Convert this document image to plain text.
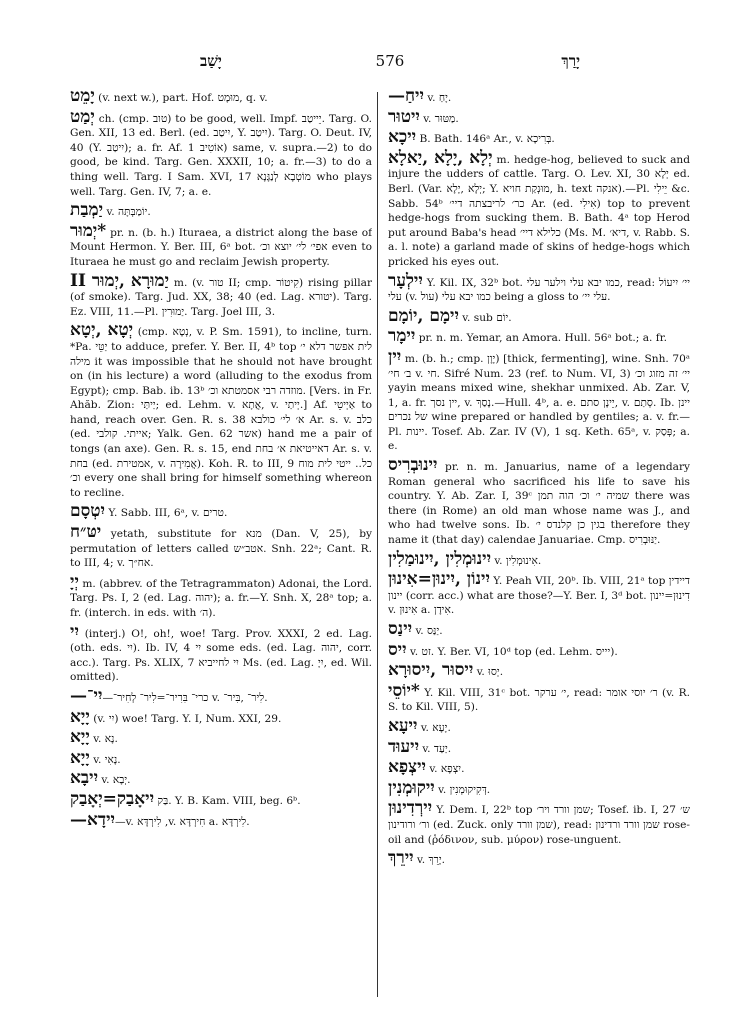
יָשַׁב	576	יָרַךְ

יָמֵט (v. next w.), part. Hof. מוּמָט, q. v.

יְמַט ch. (cmp. טוב) to be good, well. Impf. יֵייטַב. Targ. O. Gen. XII, 13 ed. Berl. (ed. יִיטַב, Y. יִיטַב). Targ. O. Deut. IV, 40 (Y. יִיטַב); a. fr. Af. אוֹטִיב 1) same, v. supra.—2) to do good, be kind. Targ. Gen. XXXII, 10; a. fr.—3) to do a thing well. Targ. I Sam. XVI, 17 מוֹטְבָא לְנַגָּנָא who plays well. Targ. Gen. IV, 7; a. e.

יַמְבַת v. יוֹמַבְּתָּה.

*יְמוּר pr. n. (b. h.) Ituraea, a district along the base of Mount Hermon. Y. Ber. III, 6ᵃ bot. אפי׳ לי׳ יוצא וכ׳ even to Ituraea he must go and reclaim Jewish property.

יַמוּרָא ,יְמוּר II m. (v. טור II; cmp. קִיטוֹר) rising pillar (of smoke). Targ. Jud. XX, 38; 40 (ed. Lag. יטורא). Targ. Ez. VIII, 11.—Pl. יַמוּרִין. Targ. Joel III, 3.

יְטָא ,יְטָא (cmp. נְטָא, v. P. Sm. 1591), to incline, turn. *Pa. יַטֵּי to adduce, prefer. Y. Ber. II, 4ᵇ top לית אפשר דלא י׳ מילה it was impossible that he should not have brought on (in his lecture) a word (alluding to the exodus from Egypt); cmp. Bab. ib. 13ᵇ מוזדה רבי אסמטתא וכ׳. [Vers. in Fr. Ahăb. Zion: יַיתַּי; ed. Lehm. v. אֲתָא, v. יְיתַי.] Af. אַיְיטֵי to hand, reach over. Gen. R. s. 38 א׳ לי׳ כולבא Ar. s. v. כלב (ed. אייתי. קולבי; Yalk. Gen. 62 אשר) hand me a pair of tongs (an axe). Gen. R. s. 15, end דאייטיאת א׳ בחת Ar. s. v. בחת (ed. אמטירת, v. אֲמִירָה). Koh. R. to III, 9 כל.. ייטי לית מוח וכ׳ every one shall bring for himself something whereon to recline.

יִטְסָם Y. Sabb. III, 6ᵃ, v. טרים.

יטּ״ח yetath, substitute for מנא (Dan. V, 25), by permutation of letters called אטב״ש. Snh. 22ᵃ; Cant. R. to III, 4; v. אח״ך.

יְיָ m. (abbrev. of the Tetragrammaton) Adonai, the Lord. Targ. Ps. I, 2 (ed. Lag. יהוה); a. fr.—Y. Snh. X, 28ᵃ top; a. fr. (interch. in eds. with ה׳).

יִי (interj.) O!, oh!, woe! Targ. Prov. XXXI, 2 ed. Lag. (oth. eds. יִי). Ib. IV, 4 יִי some eds. (ed. Lag. יהוה, corr. acc.). Targ. Ps. XLIX, 7 יִי לחייביא Ms. (ed. Lag. יִיָ, ed. Wil. omitted).

יִי־——כרי־ בִּרִיר־=לִיר־ לְחִיר־ v. לִיר־ ,בִּיר־.

יָיָא (v. יִי) woe! Targ. Y. I, Num. XXI, 29.

יָיָא v. נָא.

יָיָא v. נָאִי.

יִיבָא v. יְבָא.

יִיאָבַק=יְאָבַק בַּק. Y. B. Kam. VIII, beg. 6ᵇ.

יִידָא——v. לִירְדָּא ,v. חִירְדָּא a. לִירְדָּא.

יִיחַ— v. יָחַ.

יִיטוּר v. מַטּוּר.

יִיכָא B. Bath. 146ᵃ Ar., v. בְּרִיכָא.

יְלָא ,יָלָא ,יַאלָא m. hedge-hog, believed to suck and injure the udders of cattle. Targ. O. Lev. XI, 30 יְלָא ed. Berl. (Var. יְלָא ,יָלָא; Y. מוּנְקַת חויא, h. text אנקה).—Pl. יֵילִי &c. Sabb. 54ᵇ כר׳ לריבצתה דיי׳ Ar. (ed. אִילִי) top to prevent hedge-hogs from sucking them. B. Bath. 4ᵃ top Herod put around Baba's head כלילא דיי׳ (Ms. M. דיא׳, v. Rabb. S. a. l. note) a garland made of skins of hedge-hogs which pricked his eyes out.

יִילְעָר Y. Kil. IX, 32ᵇ bot. כמו יבא עלי וילער עלי, read: יי׳ יִיעוֹל עלי (v. עול) כמו יבא עלי being a gloss to עלי יי׳.

יִימָם ,יוֹמָם v. sub יוֹם.

יִימָר pr. n. m. Yemar, an Amora. Hull. 56ᵃ bot.; a. fr.

יִין m. (b. h.; cmp. יָוָן) [thick, fermenting], wine. Snh. 70ᵃ ב׳ חי׳ v. חי. Sifré Num. 23 (ref. to Num. VI, 3) יי׳ זה מזוג וכ׳ yayin means mixed wine, shekhar unmixed. Ab. Zar. V, 1, a. fr. יין נסך, v. נָסַךְ.—Hull. 4ᵇ, a. e. יֵינָן סתם, v. סְתַם. Ib. יינן של נכרים wine prepared or handled by gentiles; a. v. fr.—Pl. יינות. Tosef. Ab. Zar. IV (V), 1 sq. Keth. 65ᵃ, v. פְּסַק; a. e.

יִינוּבְרִיס pr. n. m. Januarius, name of a legendary Roman general who sacrificed his life to save his country. Y. Ab. Zar. I, 39ᶜ שמיה י׳ וכ׳ הוה תמן there was there (in Rome) an old man whose name was J., and who had twelve sons. Ib. בגין כן קלנדס י׳ therefore they name it (that day) calendae Januariae. Cmp. יַנּוּבְרִיס.

יִינוּמְלִין ,יִינוּמַלִין v. אִינוּמְלִין.

יִינוֹן ,יִינוּן=אִינוּן Y. Peah VII, 20ᵇ. Ib. VIII, 21ᵃ top דיידין יינון (corr. acc.) what are those?—Y. Ber. I, 3ᵈ bot. דִינוּן=יינון v. אִינוּן a. אִידָן.

יִינַס v. יַנַּס.

יִיס v. זט. Y. Ber. VI, 10ᵈ top (ed. Lehm. יייס).

יִיסוּר ,יִיסוּרָא v. יְסוּ.

*יוֹסֵי Y. Kil. VIII, 31ᶜ bot. י׳ ערקר, read: ר׳ יוסי אומר (v. R. S. to Kil. VIII, 5).

יִיעָא v. יָעָא.

יִיעוּד v. יַעַד.

יִיצְפָא v. יִצְפָא.

יִיקוּמְנִין v. דְּקִיקוּמְנִין.

יִירְדִינוּן Y. Dem. I, 22ᵇ top שמן וורד ויר׳; Tosef. ib. I, 27 ש׳ ור׳ ורודינון (ed. Zuck. only שמן וורד), read: שמן וורד ורדינון rose-oil and (ῥόδινον, sub. μύρον) rose-unguent.

יִירֵךְ v. יָרֵךְ.
